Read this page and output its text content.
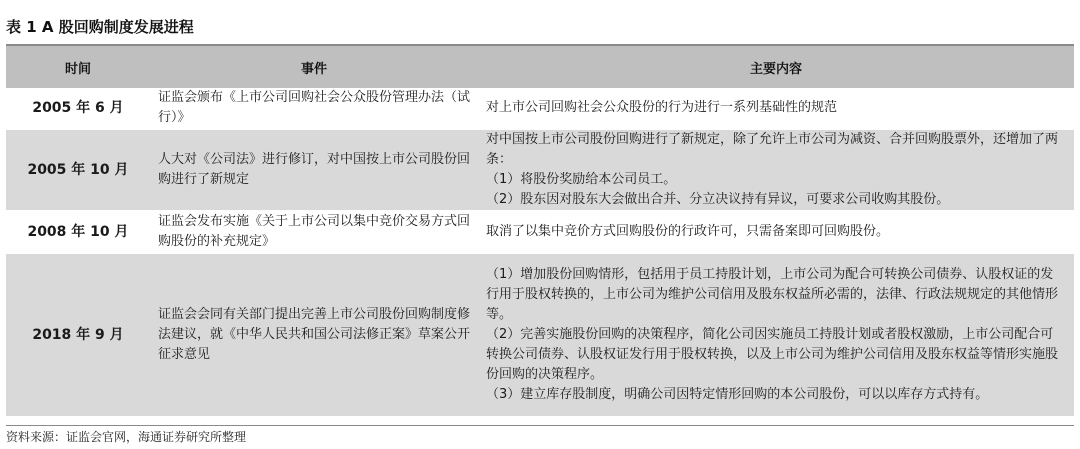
表 1 A 股回购制度发展进程
时间	事件	主要内容
2005 年 6 月	证监会颁布《上市公司回购社会公众股份管理办法（试行）》	对上市公司回购社会公众股份的行为进行一系列基础性的规范

2005 年 10 月	人大对《公司法》进行修订，对中国按上市公司股份回购进行了新规定	对中国按上市公司股份回购进行了新规定，除了允许上市公司为减资、合并回购股票外，还增加了两条：
（1）将股份奖励给本公司员工。
（2）股东因对股东大会做出合并、分立决议持有异议，可要求公司收购其股份。

2008 年 10 月	证监会发布实施《关于上市公司以集中竞价交易方式回购股份的补充规定》	取消了以集中竞价方式回购股份的行政许可，只需备案即可回购股份。

2018 年 9 月	证监会会同有关部门提出完善上市公司股份回购制度修法建议，就《中华人民共和国公司法修正案》草案公开征求意见	（1）增加股份回购情形，包括用于员工持股计划，上市公司为配合可转换公司债券、认股权证的发行用于股权转换的，上市公司为维护公司信用及股东权益所必需的，法律、行政法规规定的其他情形等。
（2）完善实施股份回购的决策程序，简化公司因实施员工持股计划或者股权激励，上市公司配合可转换公司债券、认股权证发行用于股权转换，以及上市公司为维护公司信用及股东权益等情形实施股份回购的决策程序。
（3）建立库存股制度，明确公司因特定情形回购的本公司股份，可以以库存方式持有。
资料来源：证监会官网，海通证券研究所整理
